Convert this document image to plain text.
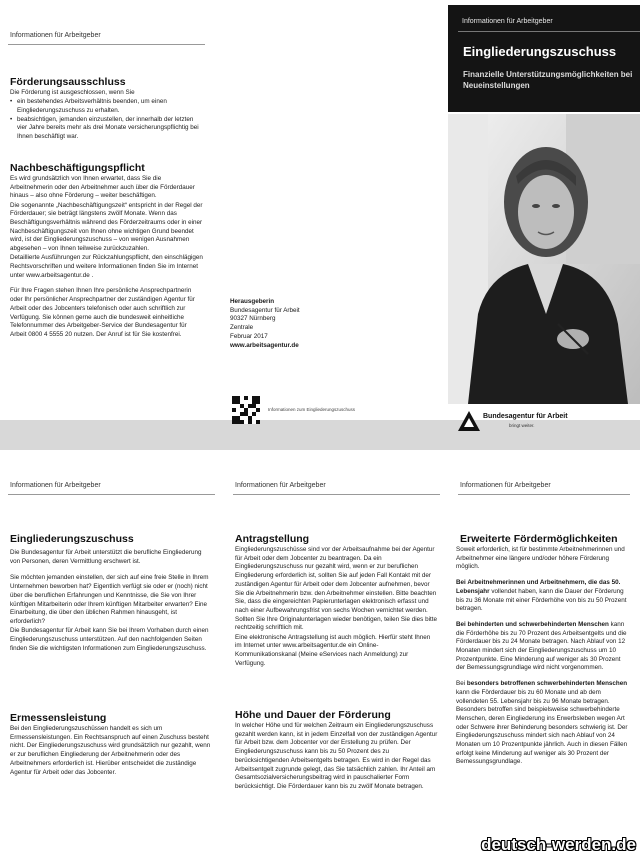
Informationen für Arbeitgeber
Förderungsausschluss

Die Förderung ist ausgeschlossen, wenn Sie

• ein bestehendes Arbeitsverhältnis beenden, um einen Eingliederungszuschuss zu erhalten.
• beabsichtigen, jemanden einzustellen, der innerhalb der letzten vier Jahre bereits mehr als drei Monate versicherungspflichtig bei Ihnen beschäftigt war.
Nachbeschäftigungspflicht

Es wird grundsätzlich von Ihnen erwartet, dass Sie die Arbeitnehmerin oder den Arbeitnehmer auch über die Förderdauer hinaus – also ohne Förderung – weiter beschäftigen.

Die sogenannte „Nachbeschäftigungszeit“ entspricht in der Regel der Förderdauer; sie beträgt längstens zwölf Monate. Wenn das Beschäftigungsverhältnis während des Förderzeitraums oder in einer Nachbeschäftigungszeit von Ihnen ohne wichtigen Grund beendet wird, ist der Eingliederungszuschuss – von wenigen Ausnahmen abgesehen – von Ihnen teilweise zurückzuzahlen.

Detaillierte Ausführungen zur Rückzahlungspflicht, den einschlägigen Rechtsvorschriften und weitere Informationen finden Sie im Internet unter www.arbeitsagentur.de .

Für Ihre Fragen stehen Ihnen Ihre persönliche Ansprechpartnerin oder Ihr persönlicher Ansprechpartner der zuständigen Agentur für Arbeit oder des Jobcenters telefonisch oder auch schriftlich zur Verfügung. Sie können gerne auch die bundesweit einheitliche Telefonnummer des Arbeitgeber-Service der Bundesagentur für Arbeit 0800 4 5555 20 nutzen. Der Anruf ist für Sie kostenfrei.

Herausgeberin
Bundesagentur für Arbeit
90327 Nürnberg
Zentrale
Februar 2017
www.arbeitsagentur.de
Informationen zum Eingliederungszuschuss
Informationen für Arbeitgeber
Eingliederungszuschuss
Finanzielle Unterstützungsmöglichkeiten bei Neueinstellungen
Bundesagentur für Arbeit
bringt weiter.
Informationen für Arbeitgeber
Eingliederungszuschuss

Die Bundesagentur für Arbeit unterstützt die berufliche Eingliederung von Personen, deren Vermittlung erschwert ist.

Sie möchten jemanden einstellen, der sich auf eine freie Stelle in Ihrem Unternehmen beworben hat? Eigentlich verfügt sie oder er (noch) nicht über die beruflichen Erfahrungen und Kenntnisse, die Sie von Ihrer künftigen Mitarbeiterin oder Ihrem künftigen Mitarbeiter erwarten? Eine Einarbeitung, die über den üblichen Rahmen hinausgeht, ist erforderlich?

Die Bundesagentur für Arbeit kann Sie bei Ihrem Vorhaben durch einen Eingliederungszuschuss unterstützen. Auf den nachfolgenden Seiten finden Sie die wichtigsten Informationen zum Eingliederungszuschuss.

Ermessensleistung

Bei den Eingliederungszuschüssen handelt es sich um Ermessensleistungen. Ein Rechtsanspruch auf einen Zuschuss besteht nicht. Der Eingliederungszuschuss wird grundsätzlich nur gezahlt, wenn er zur beruflichen Eingliederung der Arbeitnehmerin oder des Arbeitnehmers erforderlich ist. Hierüber entscheidet die zuständige Agentur für Arbeit oder das Jobcenter.

Informationen für Arbeitgeber
Antragstellung

Eingliederungszuschüsse sind vor der Arbeitsaufnahme bei der Agentur für Arbeit oder dem Jobcenter zu beantragen. Da ein Eingliederungszuschuss nur gezahlt wird, wenn er zur beruflichen Eingliederung erforderlich ist, sollten Sie auf jeden Fall Kontakt mit der zuständigen Agentur für Arbeit oder dem Jobcenter aufnehmen, bevor Sie die Arbeitnehmerin bzw. den Arbeitnehmer einstellen. Bitte beachten Sie, dass die eingereichten Papierunterlagen elektronisch erfasst und nach einer Aufbewahrungsfrist von sechs Wochen vernichtet werden. Sollten Sie Ihre Originalunterlagen wieder benötigen, teilen Sie dies bitte rechtzeitig schriftlich mit.

Eine elektronische Antragstellung ist auch möglich. Hierfür steht Ihnen im Internet unter www.arbeitsagentur.de ein Online-Kommunikationskanal (Meine eServices nach Anmeldung) zur Verfügung.

Höhe und Dauer der Förderung

In welcher Höhe und für welchen Zeitraum ein Eingliederungszuschuss gezahlt werden kann, ist in jedem Einzelfall von der zuständigen Agentur für Arbeit bzw. dem Jobcenter vor der Erstellung zu prüfen. Der Eingliederungszuschuss kann bis zu 50 Prozent des zu berücksichtigenden Arbeitsentgelts betragen. Es wird in der Regel das Arbeitsentgelt zugrunde gelegt, das Sie tatsächlich zahlen. Ihr Anteil am Gesamtsozialversicherungsbeitrag wird in pauschalierter Form berücksichtigt. Die Förderdauer kann bis zu zwölf Monate betragen.

Informationen für Arbeitgeber
Erweiterte Fördermöglichkeiten

Soweit erforderlich, ist für bestimmte Arbeitnehmerinnen und Arbeitnehmer eine längere und/oder höhere Förderung möglich.

Bei Arbeitnehmerinnen und Arbeitnehmern, die das 50. Lebensjahr vollendet haben, kann die Dauer der Förderung bis zu 36 Monate mit einer Förderhöhe von bis zu 50 Prozent betragen.

Bei behinderten und schwerbehinderten Menschen kann die Förderhöhe bis zu 70 Prozent des Arbeitsentgelts und die Förderdauer bis zu 24 Monate betragen. Nach Ablauf von 12 Monaten mindert sich der Eingliederungszuschuss um 10 Prozentpunkte. Eine Minderung auf weniger als 30 Prozent der Bemessungsgrundlage wird nicht vorgenommen.

Bei besonders betroffenen schwerbehinderten Menschen kann die Förderdauer bis zu 60 Monate und ab dem vollendeten 55. Lebensjahr bis zu 96 Monate betragen. Besonders betroffen sind beispielsweise schwerbehinderte Menschen, deren Eingliederung ins Erwerbsleben wegen Art oder Schwere ihrer Behinderung besonders schwierig ist. Der Eingliederungszuschuss mindert sich nach Ablauf von 24 Monaten um 10 Prozentpunkte jährlich. Auch in diesen Fällen erfolgt keine Minderung auf weniger als 30 Prozent der Bemessungsgrundlage.

deutsch-werden.de
